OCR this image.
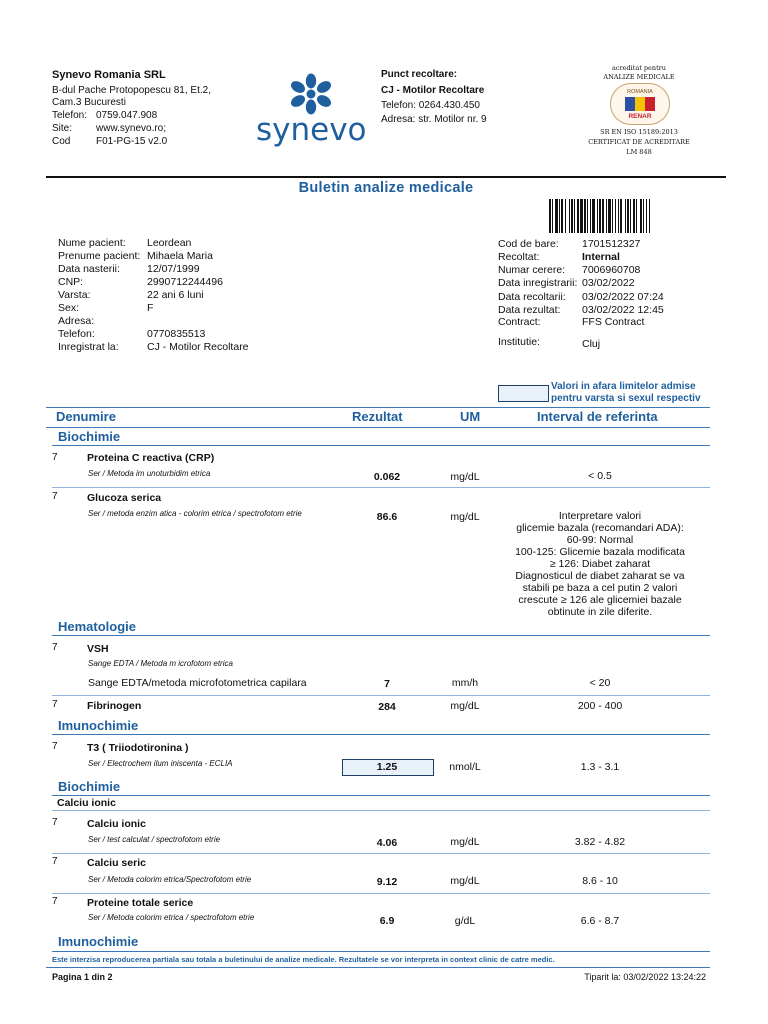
Synevo Romania SRL
B-dul Pache Protopopescu 81, Et.2,
Cam.3 Bucuresti
Telefon: 0759.047.908
Site: www.synevo.ro;
Cod	F01-PG-15 v2.0	synevo
Punct recoltare:
CJ - Motilor Recoltare
Telefon: 0264.430.450
Adresa: str. Motilor nr. 9
acreditat pentru
ANALIZE MEDICALE
ROMANIA
RENAR
SR EN ISO 15189:2013
CERTIFICAT DE ACREDITARE
LM 848
Buletin analize medicale
Nume pacient: Leordean
Prenume pacient: Mihaela Maria
Data nasterii:	12/07/1999
CNP:	2990712244496
Varsta:	22 ani 6 luni
Sex:	F
Adresa:
Telefon:	0770835513
Inregistrat la:	CJ - Motilor Recoltare
Cod de bare: 1701512327
Recoltat:	Internal
Numar cerere: 7006960708
Data inregistrarii: 03/02/2022
Data recoltarii: 03/02/2022 07:24
Data rezultat: 03/02/2022 12:45
Contract:	FFS Contract
Institutie:	Cluj
Valori in afara limitelor admise
pentru varsta si sexul respectiv
Denumire	Rezultat	UM	Interval de referinta
Biochimie
7	Proteina C reactiva (CRP)
Ser / Metoda im unoturbidim etrica	0.062	mg/dL	< 0.5
7	Glucoza serica
Ser / metoda enzim atica - colorim etrica / spectrofotom etrie	86.6	mg/dL	Interpretare valori
glicemie bazala (recomandari ADA):
60-99: Normal
100-125: Glicemie bazala modificata
≥ 126: Diabet zaharat
Diagnosticul de diabet zaharat se va
stabili pe baza a cel putin 2 valori
crescute ≥ 126 ale glicemiei bazale
obtinute in zile diferite.
Hematologie
7	VSH
Sange EDTA / Metoda m icrofotom etrica
Sange EDTA/metoda microfotometrica capilara	7	mm/h	< 20
7	Fibrinogen	284	mg/dL	200 - 400
Imunochimie
7	T3 ( Triiodotironina )
Ser / Electrochem ilum iniscenta - ECLIA	1.25	nmol/L	1.3 - 3.1
Biochimie
Calciu ionic
7	Calciu ionic
Ser / test calculat / spectrofotom etrie	4.06	mg/dL	3.82 - 4.82
7	Calciu seric
Ser / Metoda colorim etrica/Spectrofotom etrie	9.12	mg/dL	8.6 - 10
7	Proteine totale serice
Ser / Metoda colorim etrica / spectrofotom etrie	6.9	g/dL	6.6 - 8.7
Imunochimie
Este interzisa reproducerea partiala sau totala a buletinului de analize medicale. Rezultatele se vor interpreta in context clinic de catre medic.
Pagina 1 din 2	Tiparit la: 03/02/2022 13:24:22
